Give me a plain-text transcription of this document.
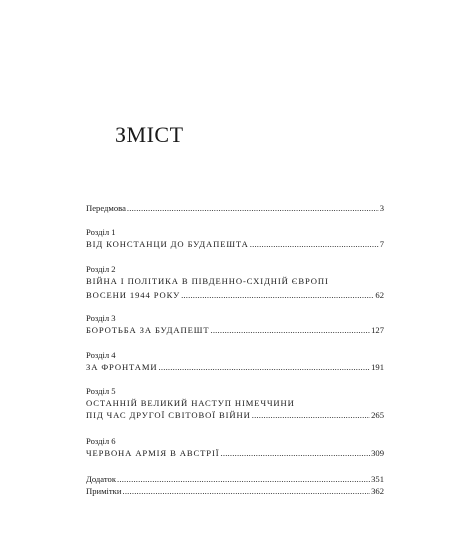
ЗМІСТ
Передмова .....	3
Розділ 1
ВІД КОНСТАНЦИ ДО БУДАПЕШТА .....	7
Розділ 2
ВІЙНА І ПОЛІТИКА В ПІВДЕННО-СХІДНІЙ ЄВРОПІ
ВОСЕНИ 1944 РОКУ .....	62
Розділ 3
БОРОТЬБА ЗА БУДАПЕШТ .....	127
Розділ 4
ЗА ФРОНТАМИ .....	191
Розділ 5
ОСТАННІЙ ВЕЛИКИЙ НАСТУП НІМЕЧЧИНИ
ПІД ЧАС ДРУГОЇ СВІТОВОЇ ВІЙНИ .....	265
Розділ 6
ЧЕРВОНА АРМІЯ В АВСТРІЇ .....	309
Додаток .....	351
Примітки .....	362
